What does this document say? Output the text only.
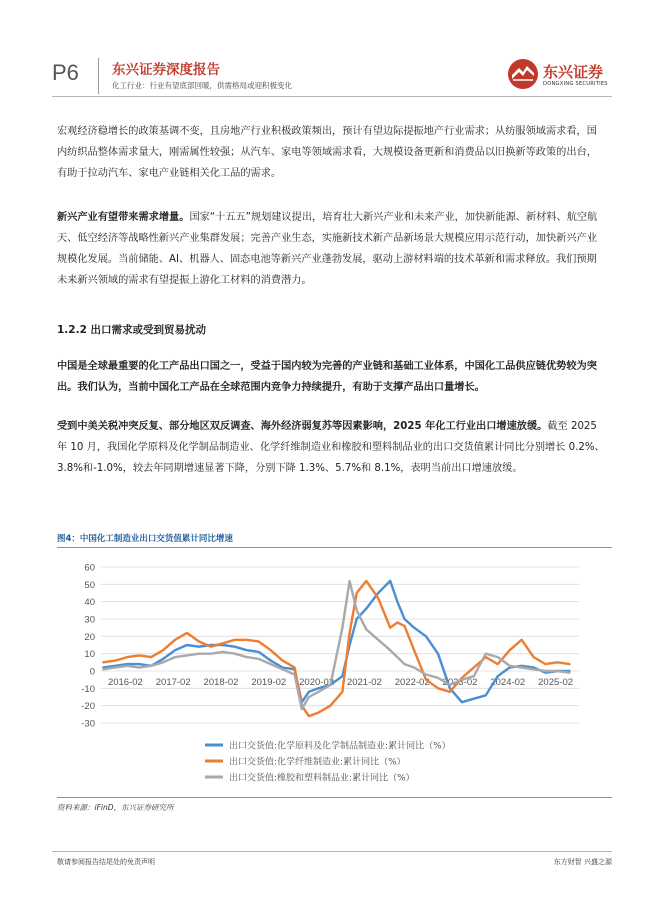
P6 东兴证券深度报告
化工行业：行业有望底部回暖，供需格局或迎积极变化
东兴证券
DONGXING SECURITIES

宏观经济稳增长的政策基调不变，且房地产行业积极政策频出，预计有望边际提振地产行业需求；从纺服领域需求看，国内纺织品整体需求量大，刚需属性较强；从汽车、家电等领域需求看，大规模设备更新和消费品以旧换新等政策的出台，有助于拉动汽车、家电产业链相关化工品的需求。

新兴产业有望带来需求增量。国家“十五五”规划建议提出，培育壮大新兴产业和未来产业，加快新能源、新材料、航空航天、低空经济等战略性新兴产业集群发展；完善产业生态，实施新技术新产品新场景大规模应用示范行动，加快新兴产业规模化发展。当前储能、AI、机器人、固态电池等新兴产业蓬勃发展，驱动上游材料端的技术革新和需求释放。我们预期未来新兴领域的需求有望提振上游化工材料的消费潜力。

1.2.2 出口需求或受到贸易扰动

中国是全球最重要的化工产品出口国之一，受益于国内较为完善的产业链和基础工业体系，中国化工品供应链优势较为突出。我们认为，当前中国化工产品在全球范围内竞争力持续提升，有助于支撑产品出口量增长。

受到中美关税冲突反复、部分地区双反调查、海外经济弱复苏等因素影响，2025 年化工行业出口增速放缓。截至 2025 年 10 月，我国化学原料及化学制品制造业、化学纤维制造业和橡胶和塑料制品业的出口交货值累计同比分别增长 0.2%、3.8%和-1.0%，较去年同期增速显著下降，分别下降 1.3%、5.7%和 8.1%，表明当前出口增速放缓。

图4：中国化工制造业出口交货值累计同比增速
-30
-20
-10
0
10
20
30
40
50
60
2016-02 2017-02 2018-02 2019-02 2020-02 2021-02 2022-02 2023-02 2024-02 2025-02
出口交货值:化学原料及化学制品制造业:累计同比（%）
出口交货值:化学纤维制造业:累计同比（%）
出口交货值:橡胶和塑料制品业:累计同比（%）
资料来源：iFinD，东兴证券研究所
敬请参阅报告结尾处的免责声明	东方财智 兴盛之源
